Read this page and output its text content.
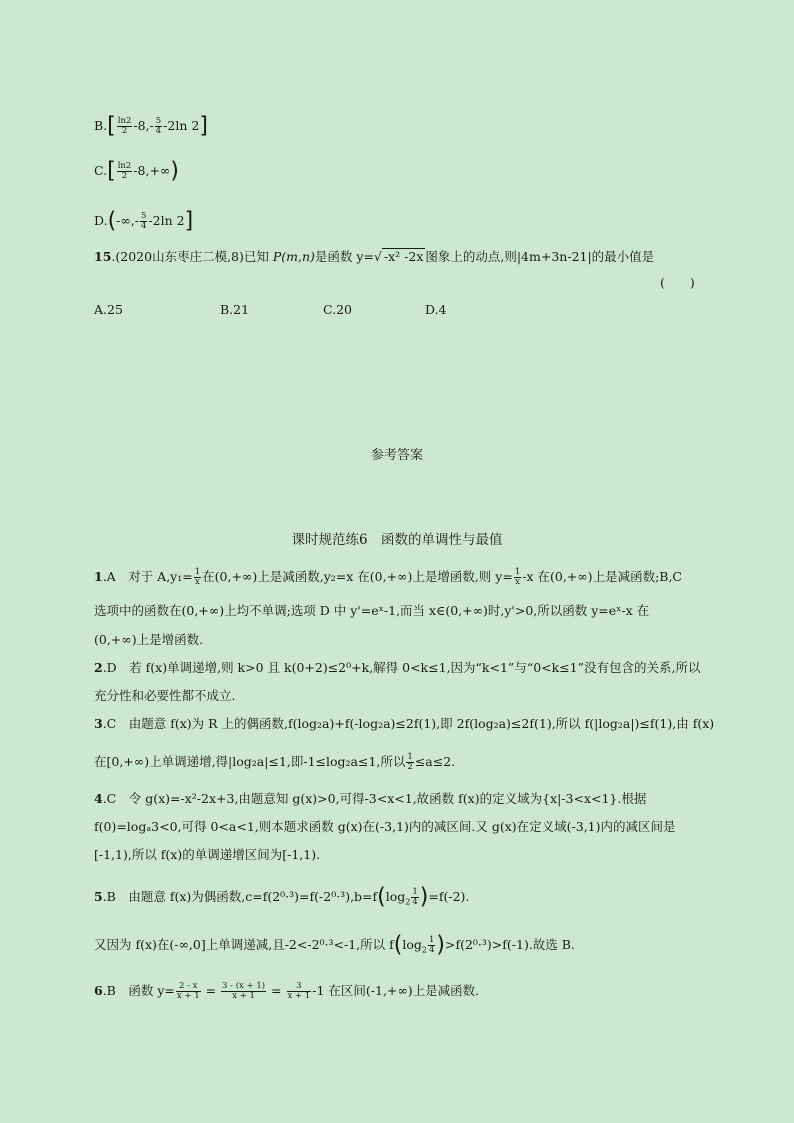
$B.[ \frac{\ln 2}{2} -8,- \frac{5}{4} -2\ln$ 2]
$C.[ \frac{\ln 2}{2} -8,+\infty)$
$D.(-\infty,- \frac{5}{4} -2\ln$ 2]
15.(2020山东枣庄二模,8)已知 P(m,n)是函数 y=√ -x² -2x 图象上的动点,则|4m+3n-21|的最小值是
(　　)
A.25	B.21	C.20	D.4
参考答案
课时规范练6　函数的单调性与最值
1.A　对于 $A,y_1= \frac{1}{x}$ 在(0,+∞)上是减函数,y₂=x 在(0,+∞)上是增函数,则 $y= \frac{1}{x} -x$ 在(0,+∞)上是减函数;B,C
选项中的函数在(0,+∞)上均不单调;选项 D 中 y'=eˣ-1,而当 x∈(0,+∞)时,y'>0,所以函数 y=eˣ-x 在
(0,+∞)上是增函数.
2.D　若 f(x)单调递增,则 k>0 且 k(0+2)≤2⁰+k,解得 0<k≤1,因为“k<1”与“0<k≤1”没有包含的关系,所以
充分性和必要性都不成立.
3.C　由题意 f(x)为 R 上的偶函数,f(log₂a)+f(-log₂a)≤2f(1),即 2f(log₂a)≤2f(1),所以 f(|log₂a|)≤f(1),由 f(x)
在[0,+∞)上单调递增,得|log₂a|≤1,即-1≤log₂a≤1,所以 $\frac{1}{2} \le a\le 2$.
4.C　令 g(x)=-x²-2x+3,由题意知 g(x)>0,可得-3<x<1,故函数 f(x)的定义域为{x|-3<x<1}.根据
f(0)=logₐ3<0,可得 0<a<1,则本题求函数 g(x)在(-3,1)内的减区间.又 g(x)在定义域(-3,1)内的减区间是
[-1,1),所以 f(x)的单调递增区间为[-1,1).
5.B　由题意 f(x)为偶函数$,c=f(2^0\cdot^3)=f(-2^0\cdot^3),b=f(\log_2 \frac{1}{4} )=f(-2)$.
又因为 f(x)在(-∞,0]上单调递减,且-2<-2⁰·³<-1,所以 $f(\log_2 \frac{1}{4} )>f(2^0\cdot^3)>f(-1)$.故选 B.
6.B　函数 $y= \frac{2 - x}{x + 1} = \frac{3 - (x + 1)}{x + 1} = \frac{3}{x + 1} -1$ 在区间(-1,+∞)上是减函数.
